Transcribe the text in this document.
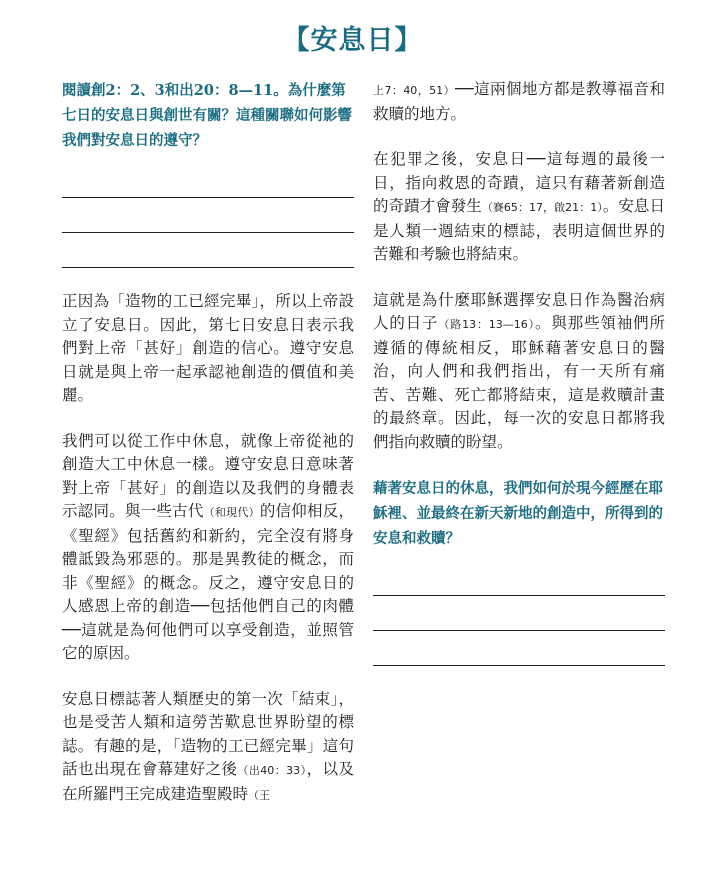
【安息日】

閱讀創2：2、3和出20：8—11。為什麼第七日的安息日與創世有關？這種關聯如何影響我們對安息日的遵守？

正因為「造物的工已經完畢」，所以上帝設立了安息日。因此，第七日安息日表示我們對上帝「甚好」創造的信心。遵守安息日就是與上帝一起承認祂創造的價值和美麗。

我們可以從工作中休息，就像上帝從祂的創造大工中休息一樣。遵守安息日意味著對上帝「甚好」的創造以及我們的身體表示認同。與一些古代（和現代）的信仰相反，《聖經》包括舊約和新約，完全沒有將身體詆毀為邪惡的。那是異教徒的概念，而非《聖經》的概念。反之，遵守安息日的人感恩上帝的創造──包括他們自己的肉體──這就是為何他們可以享受創造，並照管它的原因。

安息日標誌著人類歷史的第一次「結束」，也是受苦人類和這勞苦歎息世界盼望的標誌。有趣的是，「造物的工已經完畢」這句話也出現在會幕建好之後（出40：33），以及在所羅門王完成建造聖殿時（王

上7：40，51）──這兩個地方都是教導福音和救贖的地方。

在犯罪之後，安息日──這每週的最後一日，指向救恩的奇蹟，這只有藉著新創造的奇蹟才會發生（賽65：17，啟21：1）。安息日是人類一週結束的標誌，表明這個世界的苦難和考驗也將結束。

這就是為什麼耶穌選擇安息日作為醫治病人的日子（路13：13—16）。與那些領袖們所遵循的傳統相反，耶穌藉著安息日的醫治，向人們和我們指出，有一天所有痛苦、苦難、死亡都將結束，這是救贖計畫的最終章。因此，每一次的安息日都將我們指向救贖的盼望。

藉著安息日的休息，我們如何於現今經歷在耶穌裡、並最終在新天新地的創造中，所得到的安息和救贖？
